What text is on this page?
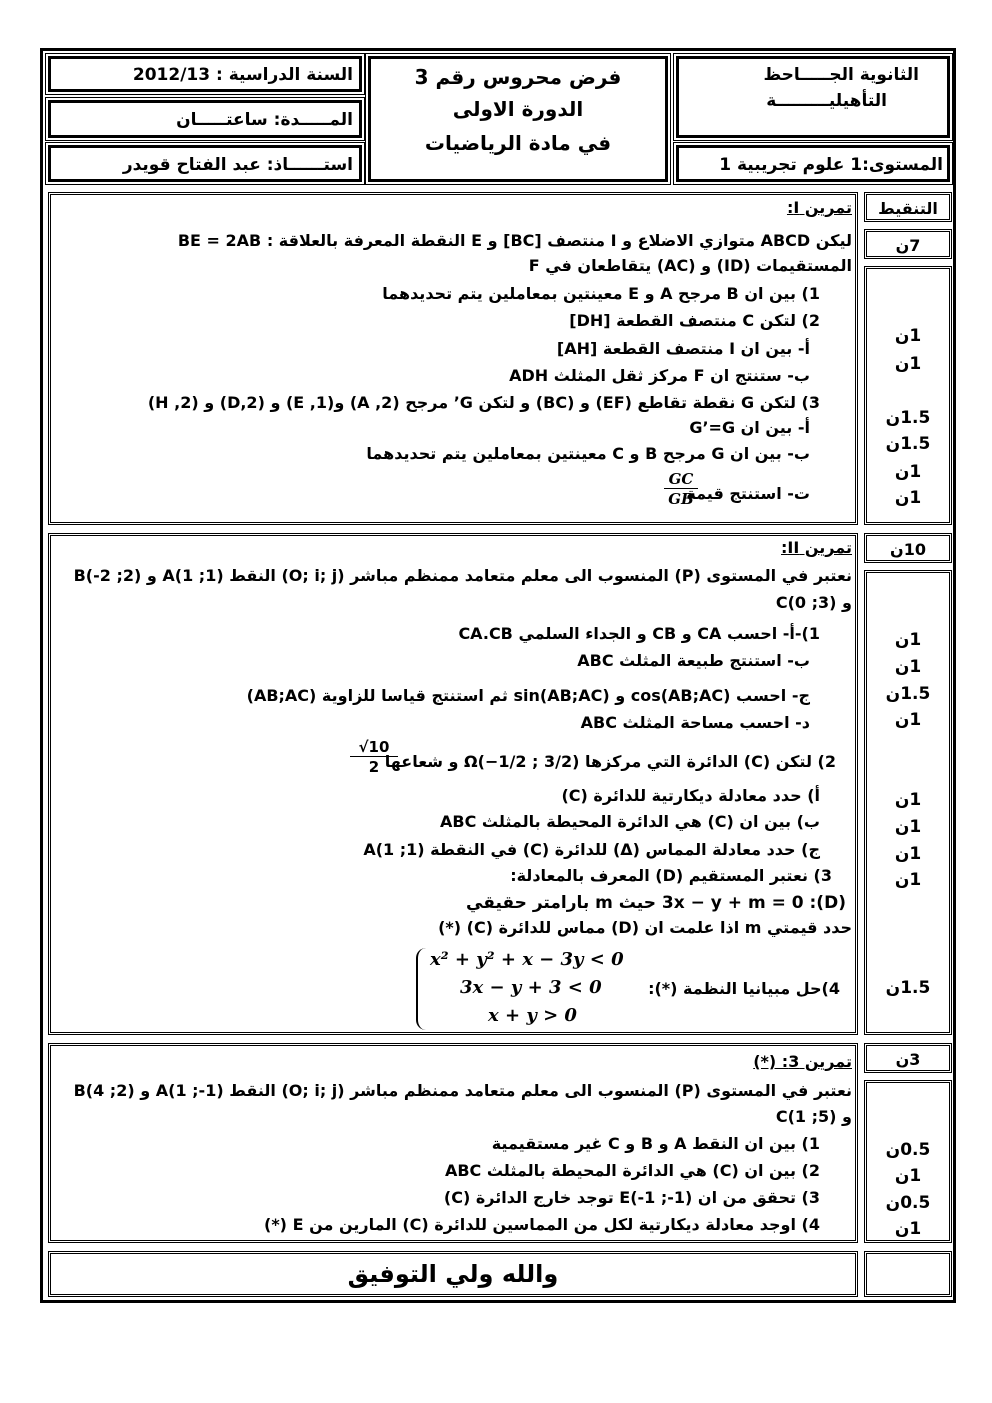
الثانوية الجـــــاحظ
التأهيليـــــــــة
المستوى:1 علوم تجريبية 1
فرض محروس رقم 3
الدورة الاولى
في مادة الرياضيات
السنة الدراسية : 2012/13
المـــــدة: ساعتـــــان
استــــــاذ: عبد الفتاح قويدر
التنقيط
7ن
تمرين I:
ليكن ABCD متوازي الاضلاع و I منتصف [BC] و E النقطة المعرفة بالعلاقة : BE = 2AB
المستقيمات (ID) و (AC) يتقاطعان في F
1) بين ان B مرجح A و E معينتين بمعاملين يتم تحديدهما
2) لتكن C منتصف القطعة [DH]
أ- بين ان I منتصف القطعة [AH]
ب- ستنتج ان F مركز ثقل المثلث ADH
3) لتكن G نقطة تقاطع (EF) و (BC) و لتكن G’ مرجح (A ,2) و(E ,1) و (D,2) و (H ,2)
أ- بين ان G’=G
ب- بين ان G مرجح B و C معينتين بمعاملين يتم تحديدهما
ت- استنتج قيمة
$\frac{GC}{GB}$
1ن
1ن
1.5ن
1.5ن
1ن
1ن
10ن
تمرين II:
نعتبر في المستوى (P) المنسوب الى معلم متعامد ممنظم مباشر (O; i; j) النقط A(1 ;1) و B(-2 ;2)
و C(0 ;3)
1)-أ- احسب CA و CB و الجداء السلمي CA.CB
ب- استنتج طبيعة المثلث ABC
ج- احسب cos(AB;AC) و sin(AB;AC) ثم استنتج قياسا للزاوية (AB;AC)
د- احسب مساحة المثلث ABC
2) لتكن (C) الدائرة التي مركزها Ω(−1/2 ; 3/2) و شعاعها
$\frac{√10}{2}$
أ) حدد معادلة ديكارتية للدائرة (C)
ب) بين ان (C) هي الدائرة المحيطة بالمثلث ABC
ج) حدد معادلة المماس (Δ) للدائرة (C) في النقطة A(1 ;1)
3) نعتبر المستقيم (D) المعرف بالمعادلة:
(D): 3x − y + m = 0 حيث m بارامتر حقيقي
حدد قيمتي m اذا علمت ان (D) مماس للدائرة (C) (*)
4)حل مبيانيا النظمة (*):
x² + y² + x − 3y < 0
3x − y + 3 < 0
x + y > 0
1ن
1ن
1.5ن
1ن
1ن
1ن
1ن
1ن
1.5ن
3ن
تمرين 3: (*)
نعتبر في المستوى (P) المنسوب الى معلم متعامد ممنظم مباشر (O; i; j) النقط A(1 ;-1) و B(4 ;2)
و C(1 ;5)
1) بين ان النقط A و B و C غير مستقيمية
2) بين ان (C) هي الدائرة المحيطة بالمثلث ABC
3) تحقق من ان E(-1 ;-1) توجد خارج الدائرة (C)
4) اوجد معادلة ديكارتية لكل من المماسين للدائرة (C) المارين من E (*)
0.5ن
1ن
0.5ن
1ن
والله ولي التوفيق
